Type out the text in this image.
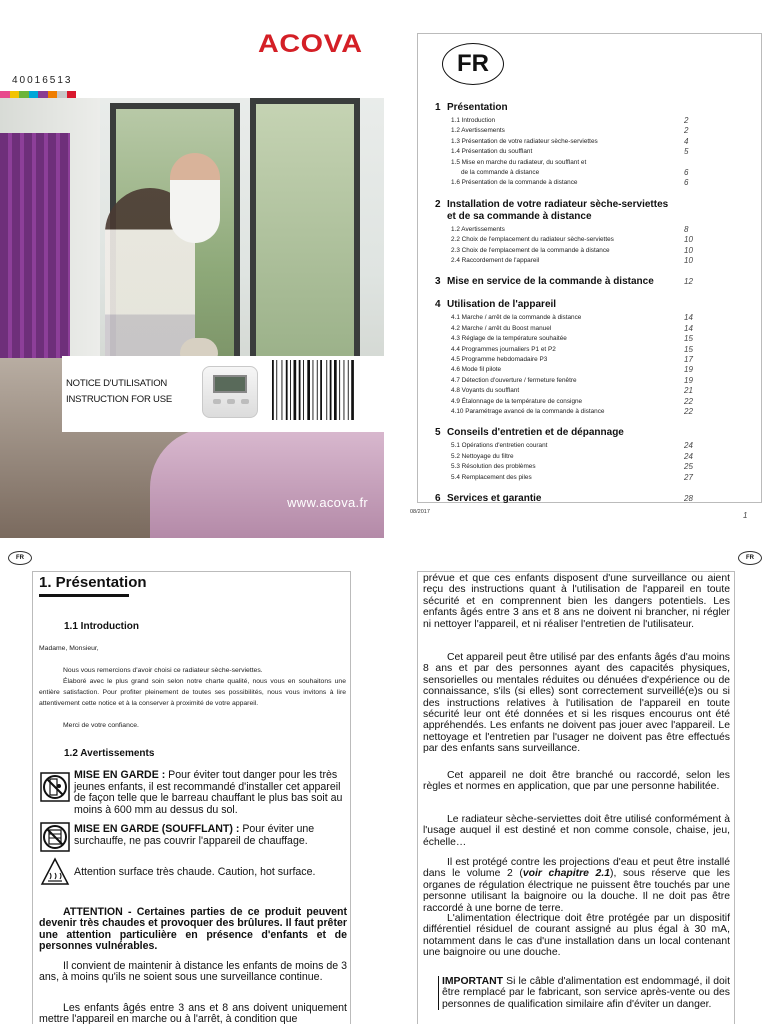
ACOVA
40016513
www.acova.fr
NOTICE D'UTILISATION
INSTRUCTION FOR USE
FR
1 Présentation
1.1 Introduction	2
1.2 Avertissements	2
1.3 Présentation de votre radiateur sèche-serviettes	4
1.4 Présentation du soufflant	5
1.5 Mise en marche du radiateur, du soufflant et
de la commande à distance	6
1.6 Présentation de la commande à distance	6
2 Installation de votre radiateur sèche-serviettes
et de sa commande à distance
1.2 Avertissements	8
2.2 Choix de l'emplacement du radiateur sèche-serviettes	10
2.3 Choix de l'emplacement de la commande à distance	10
2.4 Raccordement de l'appareil	10
3 Mise en service de la commande à distance	12
4 Utilisation de l'appareil
4.1 Marche / arrêt de la commande à distance	14
4.2 Marche / arrêt du Boost manuel	14
4.3 Réglage de la température souhaitée	15
4.4 Programmes journaliers P1 et P2	15
4.5 Programme hebdomadaire P3	17
4.6 Mode fil pilote	19
4.7 Détection d'ouverture / fermeture fenêtre	19
4.8 Voyants du soufflant	21
4.9 Étalonnage de la température de consigne	22
4.10 Paramétrage avancé de la commande à distance	22
5 Conseils d'entretien et de dépannage
5.1 Opérations d'entretien courant	24
5.2 Nettoyage du filtre	24
5.3 Résolution des problèmes	25
5.4 Remplacement des piles	27
6 Services et garantie	28
08/2017	1
FR
1. Présentation
1.1 Introduction
Madame, Monsieur,
Nous vous remercions d'avoir choisi ce radiateur sèche-serviettes.
Élaboré avec le plus grand soin selon notre charte qualité, nous vous en souhaitons une entière satisfaction. Pour profiter pleinement de toutes ses possibilités, nous vous invitons à lire attentivement cette notice et à la conserver à proximité de votre appareil.
Merci de votre confiance.
1.2 Avertissements
MISE EN GARDE : Pour éviter tout danger pour les très jeunes enfants, il est recommandé d'installer cet appareil de façon telle que le barreau chauffant le plus bas soit au moins à 600 mm au dessus du sol.
MISE EN GARDE (SOUFFLANT) : Pour éviter une surchauffe, ne pas couvrir l'appareil de chauffage.
Attention surface très chaude. Caution, hot surface.
ATTENTION - Certaines parties de ce produit peuvent devenir très chaudes et provoquer des brûlures. Il faut prêter une attention particulière en présence d'enfants et de personnes vulnérables.
Il convient de maintenir à distance les enfants de moins de 3 ans, à moins qu'ils ne soient sous une surveillance continue.
Les enfants âgés entre 3 ans et 8 ans doivent uniquement mettre l'appareil en marche ou à l'arrêt, à condition que
FR
prévue et que ces enfants disposent d'une surveillance ou aient reçu des instructions quant à l'utilisation de l'appareil en toute sécurité et en comprennent bien les dangers potentiels. Les enfants âgés entre 3 ans et 8 ans ne doivent ni brancher, ni régler ni nettoyer l'appareil, et ni réaliser l'entretien de l'utilisateur.
Cet appareil peut être utilisé par des enfants âgés d'au moins 8 ans et par des personnes ayant des capacités physiques, sensorielles ou mentales réduites ou dénuées d'expérience ou de connaissance, s'ils (si elles) sont correctement surveillé(e)s ou si des instructions relatives à l'utilisation de l'appareil en toute sécurité leur ont été données et si les risques encourus ont été appréhendés. Les enfants ne doivent pas jouer avec l'appareil. Le nettoyage et l'entretien par l'usager ne doivent pas être effectués par des enfants sans surveillance.
Cet appareil ne doit être branché ou raccordé, selon les règles et normes en application, que par une personne habilitée.
Le radiateur sèche-serviettes doit être utilisé conformément à l'usage auquel il est destiné et non comme console, chaise, jeu, échelle…
Il est protégé contre les projections d'eau et peut être installé dans le volume 2 (voir chapitre 2.1), sous réserve que les organes de régulation électrique ne puissent être touchés par une personne utilisant la baignoire ou la douche. Il ne doit pas être raccordé à une borne de terre.
L'alimentation électrique doit être protégée par un dispositif différentiel résiduel de courant assigné au plus égal à 30 mA, notamment dans le cas d'une installation dans un local contenant une baignoire ou une douche.
IMPORTANT Si le câble d'alimentation est endommagé, il doit être remplacé par le fabricant, son service après-vente ou des personnes de qualification similaire afin d'éviter un danger.
